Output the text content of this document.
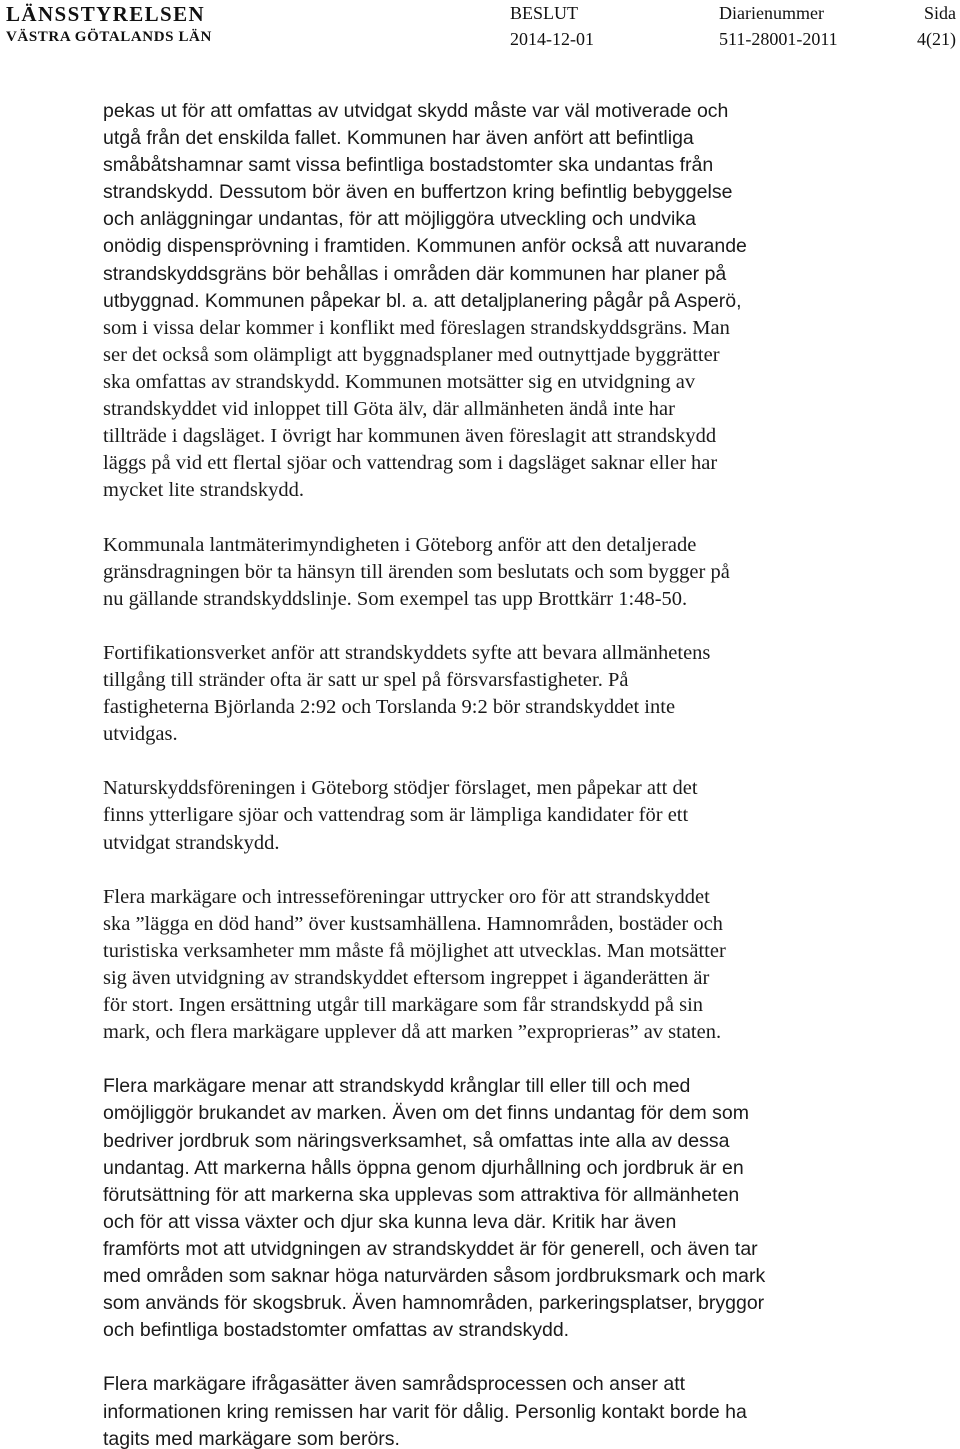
LÄNSSTYRELSEN
VÄSTRA GÖTALANDS LÄN
BESLUT
2014-12-01
Diarienummer
511-28001-2011
Sida
4(21)

pekas ut för att omfattas av utvidgat skydd måste var väl motiverade och
utgå från det enskilda fallet. Kommunen har även anfört att befintliga
småbåtshamnar samt vissa befintliga bostadstomter ska undantas från
strandskydd. Dessutom bör även en buffertzon kring befintlig bebyggelse
och anläggningar undantas, för att möjliggöra utveckling och undvika
onödig dispensprövning i framtiden. Kommunen anför också att nuvarande
strandskyddsgräns bör behållas i områden där kommunen har planer på
utbyggnad. Kommunen påpekar bl. a. att detaljplanering pågår på Asperö,
som i vissa delar kommer i konflikt med föreslagen strandskyddsgräns. Man
ser det också som olämpligt att byggnadsplaner med outnyttjade byggrätter
ska omfattas av strandskydd. Kommunen motsätter sig en utvidgning av
strandskyddet vid inloppet till Göta älv, där allmänheten ändå inte har
tillträde i dagsläget. I övrigt har kommunen även föreslagit att strandskydd
läggs på vid ett flertal sjöar och vattendrag som i dagsläget saknar eller har
mycket lite strandskydd.

Kommunala lantmäterimyndigheten i Göteborg anför att den detaljerade
gränsdragningen bör ta hänsyn till ärenden som beslutats och som bygger på
nu gällande strandskyddslinje. Som exempel tas upp Brottkärr 1:48-50.

Fortifikationsverket anför att strandskyddets syfte att bevara allmänhetens
tillgång till stränder ofta är satt ur spel på försvarsfastigheter. På
fastigheterna Björlanda 2:92 och Torslanda 9:2 bör strandskyddet inte
utvidgas.

Naturskyddsföreningen i Göteborg stödjer förslaget, men påpekar att det
finns ytterligare sjöar och vattendrag som är lämpliga kandidater för ett
utvidgat strandskydd.

Flera markägare och intresseföreningar uttrycker oro för att strandskyddet
ska ”lägga en död hand” över kustsamhällena. Hamnområden, bostäder och
turistiska verksamheter mm måste få möjlighet att utvecklas. Man motsätter
sig även utvidgning av strandskyddet eftersom ingreppet i äganderätten är
för stort. Ingen ersättning utgår till markägare som får strandskydd på sin
mark, och flera markägare upplever då att marken ”exproprieras” av staten.

Flera markägare menar att strandskydd krånglar till eller till och med
omöjliggör brukandet av marken. Även om det finns undantag för dem som
bedriver jordbruk som näringsverksamhet, så omfattas inte alla av dessa
undantag. Att markerna hålls öppna genom djurhållning och jordbruk är en
förutsättning för att markerna ska upplevas som attraktiva för allmänheten
och för att vissa växter och djur ska kunna leva där. Kritik har även
framförts mot att utvidgningen av strandskyddet är för generell, och även tar
med områden som saknar höga naturvärden såsom jordbruksmark och mark
som används för skogsbruk. Även hamnområden, parkeringsplatser, bryggor
och befintliga bostadstomter omfattas av strandskydd.

Flera markägare ifrågasätter även samrådsprocessen och anser att
informationen kring remissen har varit för dålig. Personlig kontakt borde ha
tagits med markägare som berörs.
